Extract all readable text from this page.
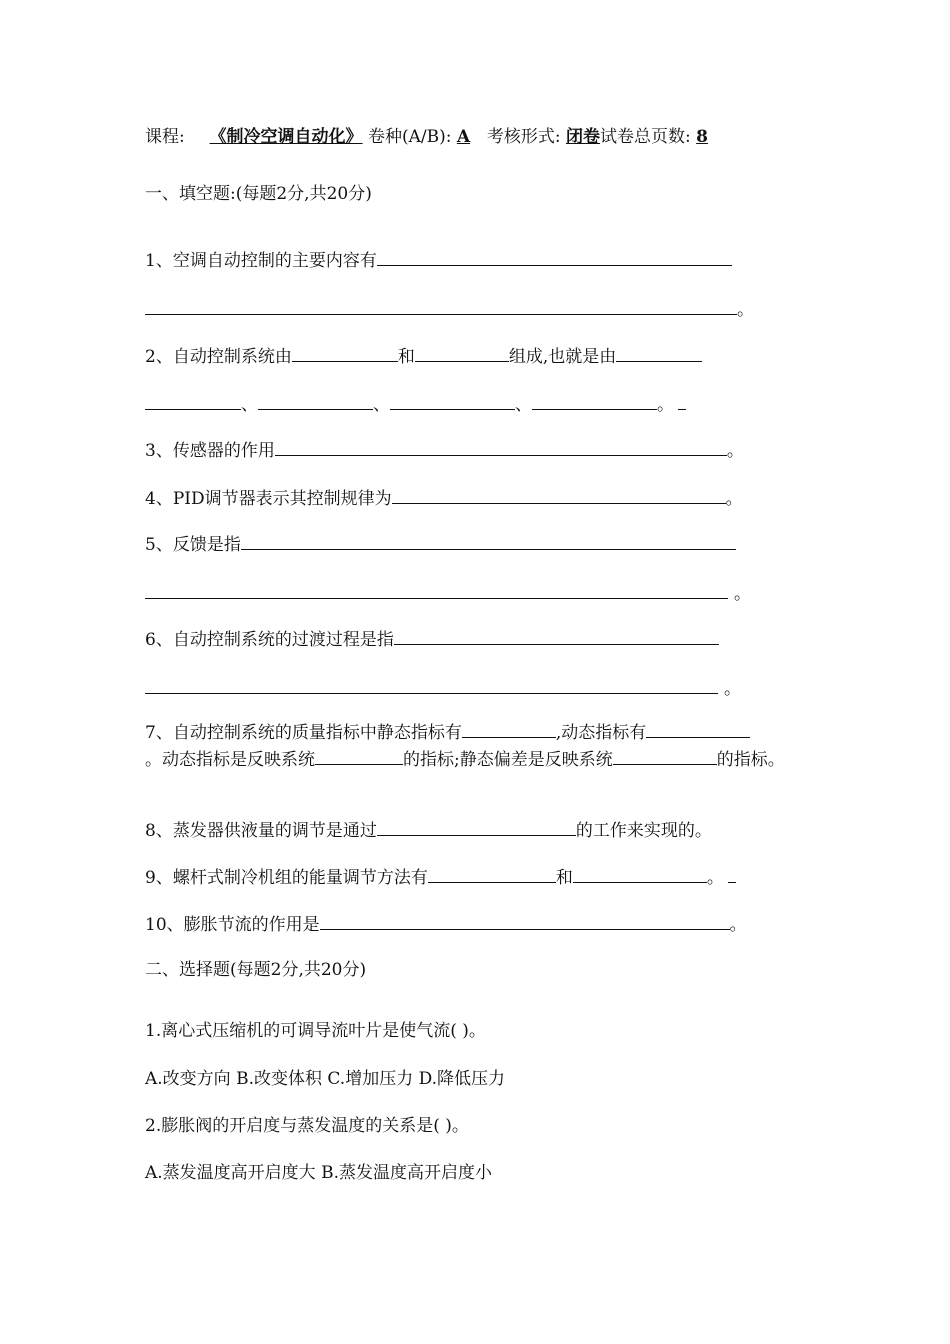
课程: 《制冷空调自动化》 卷种(A/B): A 考核形式: 闭卷试卷总页数: 8
一、填空题:(每题2分,共20分)
1、空调自动控制的主要内容有
。
2、自动控制系统由	和	组成,也就是由
、	、	、	。
3、传感器的作用	。
4、PID调节器表示其控制规律为	。
5、反馈是指
。
6、自动控制系统的过渡过程是指
。
7、自动控制系统的质量指标中静态指标有	,动态指标有
。动态指标是反映系统	的指标;静态偏差是反映系统	的指标。
8、蒸发器供液量的调节是通过	的工作来实现的。
9、螺杆式制冷机组的能量调节方法有	和	。
10、膨胀节流的作用是	。
二、选择题(每题2分,共20分)
1.离心式压缩机的可调导流叶片是使气流( )。
A.改变方向 B.改变体积 C.增加压力 D.降低压力
2.膨胀阀的开启度与蒸发温度的关系是( )。
A.蒸发温度高开启度大 B.蒸发温度高开启度小
